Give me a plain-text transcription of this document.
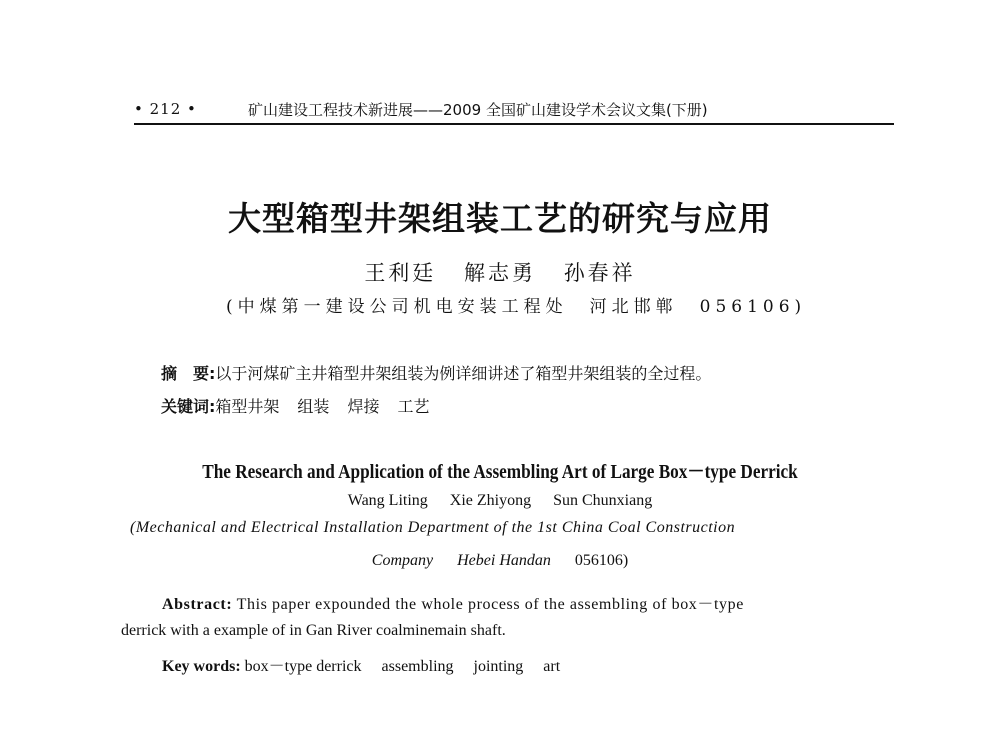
• 212 •	矿山建设工程技术新进展——2009 全国矿山建设学术会议文集(下册)
大型箱型井架组装工艺的研究与应用
王利廷 解志勇 孙春祥
(中煤第一建设公司机电安装工程处　河北邯郸　056106)
摘　要:以于河煤矿主井箱型井架组装为例详细讲述了箱型井架组装的全过程。
关键词:箱型井架 组装 焊接 工艺
The Research and Application of the Assembling Art of Large Box－type Derrick
Wang Liting Xie Zhiyong Sun Chunxiang
(Mechanical and Electrical Installation Department of the 1st China Coal Construction
Company Hebei Handan 056106)
Abstract: This paper expounded the whole process of the assembling of box－type
derrick with a example of in Gan River coalminemain shaft.
Key words: box－type derrick assembling jointing art
